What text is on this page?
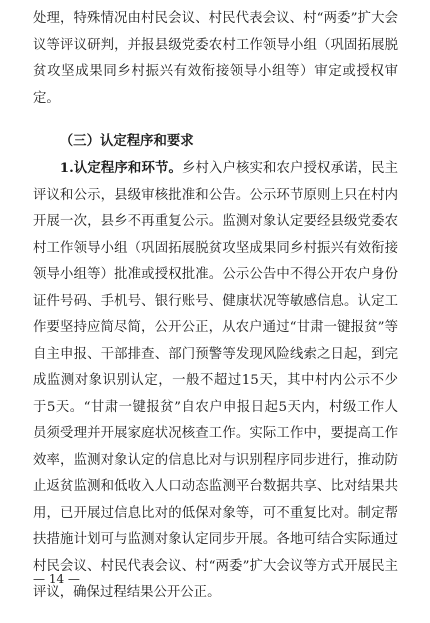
处理，特殊情况由村民会议、村民代表会议、村“两委”扩大会议等评议研判，并报县级党委农村工作领导小组（巩固拓展脱贫攻坚成果同乡村振兴有效衔接领导小组等）审定或授权审定。

（三）认定程序和要求

1.认定程序和环节。乡村入户核实和农户授权承诺，民主评议和公示，县级审核批准和公告。公示环节原则上只在村内开展一次，县乡不再重复公示。监测对象认定要经县级党委农村工作领导小组（巩固拓展脱贫攻坚成果同乡村振兴有效衔接领导小组等）批准或授权批准。公示公告中不得公开农户身份证件号码、手机号、银行账号、健康状况等敏感信息。认定工作要坚持应简尽简，公开公正，从农户通过“甘肃一键报贫”等自主申报、干部排查、部门预警等发现风险线索之日起，到完成监测对象识别认定，一般不超过15天，其中村内公示不少于5天。“甘肃一键报贫”自农户申报日起5天内，村级工作人员须受理并开展家庭状况核查工作。实际工作中，要提高工作效率，监测对象认定的信息比对与识别程序同步进行，推动防止返贫监测和低收入人口动态监测平台数据共享、比对结果共用，已开展过信息比对的低保对象等，可不重复比对。制定帮扶措施计划可与监测对象认定同步开展。各地可结合实际通过村民会议、村民代表会议、村“两委”扩大会议等方式开展民主评议，确保过程结果公开公正。

— 14 —
